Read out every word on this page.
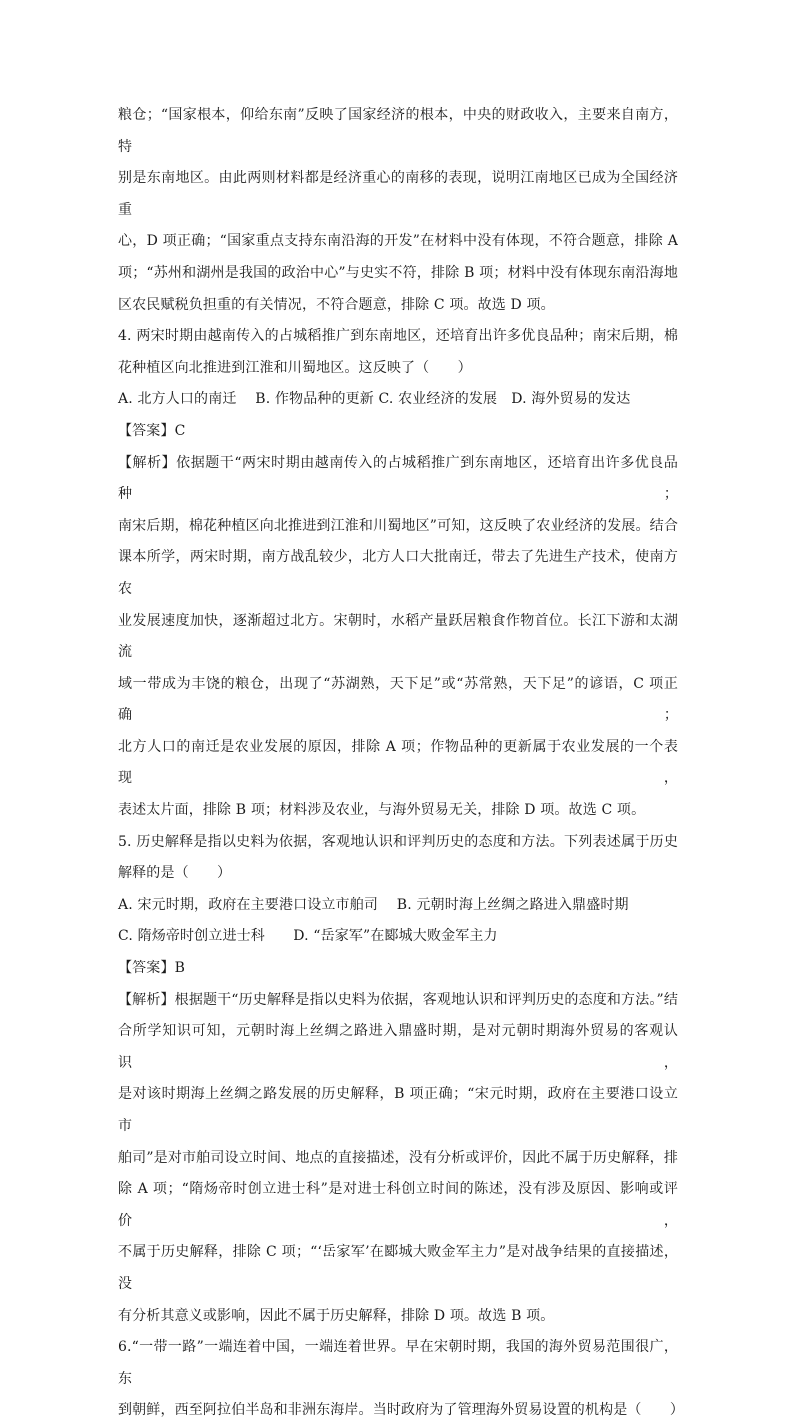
粮仓；“国家根本，仰给东南”反映了国家经济的根本，中央的财政收入，主要来自南方，特
别是东南地区。由此两则材料都是经济重心的南移的表现，说明江南地区已成为全国经济重
心，D 项正确；“国家重点支持东南沿海的开发”在材料中没有体现，不符合题意，排除 A
项；“苏州和湖州是我国的政治中心”与史实不符，排除 B 项；材料中没有体现东南沿海地
区农民赋税负担重的有关情况，不符合题意，排除 C 项。故选 D 项。
4. 两宋时期由越南传入的占城稻推广到东南地区，还培育出许多优良品种；南宋后期，棉
花种植区向北推进到江淮和川蜀地区。这反映了（　　）
A. 北方人口的南迁　 B. 作物品种的更新 C. 农业经济的发展　D. 海外贸易的发达
【答案】C
【解析】依据题干“两宋时期由越南传入的占城稻推广到东南地区，还培育出许多优良品种；
南宋后期，棉花种植区向北推进到江淮和川蜀地区”可知，这反映了农业经济的发展。结合
课本所学，两宋时期，南方战乱较少，北方人口大批南迁，带去了先进生产技术，使南方农
业发展速度加快，逐渐超过北方。宋朝时，水稻产量跃居粮食作物首位。长江下游和太湖流
域一带成为丰饶的粮仓，出现了“苏湖熟，天下足”或“苏常熟，天下足”的谚语，C 项正确；
北方人口的南迁是农业发展的原因，排除 A 项；作物品种的更新属于农业发展的一个表现，
表述太片面，排除 B 项；材料涉及农业，与海外贸易无关，排除 D 项。故选 C 项。
5. 历史解释是指以史料为依据，客观地认识和评判历史的态度和方法。下列表述属于历史
解释的是（　　）
A. 宋元时期，政府在主要港口设立市舶司　 B. 元朝时海上丝绸之路进入鼎盛时期
C. 隋炀帝时创立进士科　　D. “岳家军”在郾城大败金军主力
【答案】B
【解析】根据题干“历史解释是指以史料为依据，客观地认识和评判历史的态度和方法。”结
合所学知识可知，元朝时海上丝绸之路进入鼎盛时期，是对元朝时期海外贸易的客观认识，
是对该时期海上丝绸之路发展的历史解释，B 项正确；“宋元时期，政府在主要港口设立市
舶司”是对市舶司设立时间、地点的直接描述，没有分析或评价，因此不属于历史解释，排
除 A 项；“隋炀帝时创立进士科”是对进士科创立时间的陈述，没有涉及原因、影响或评价，
不属于历史解释，排除 C 项；“‘岳家军’在郾城大败金军主力”是对战争结果的直接描述，没
有分析其意义或影响，因此不属于历史解释，排除 D 项。故选 B 项。
6.“一带一路”一端连着中国，一端连着世界。早在宋朝时期，我国的海外贸易范围很广，东
到朝鲜，西至阿拉伯半岛和非洲东海岸。当时政府为了管理海外贸易设置的机构是（　　）
